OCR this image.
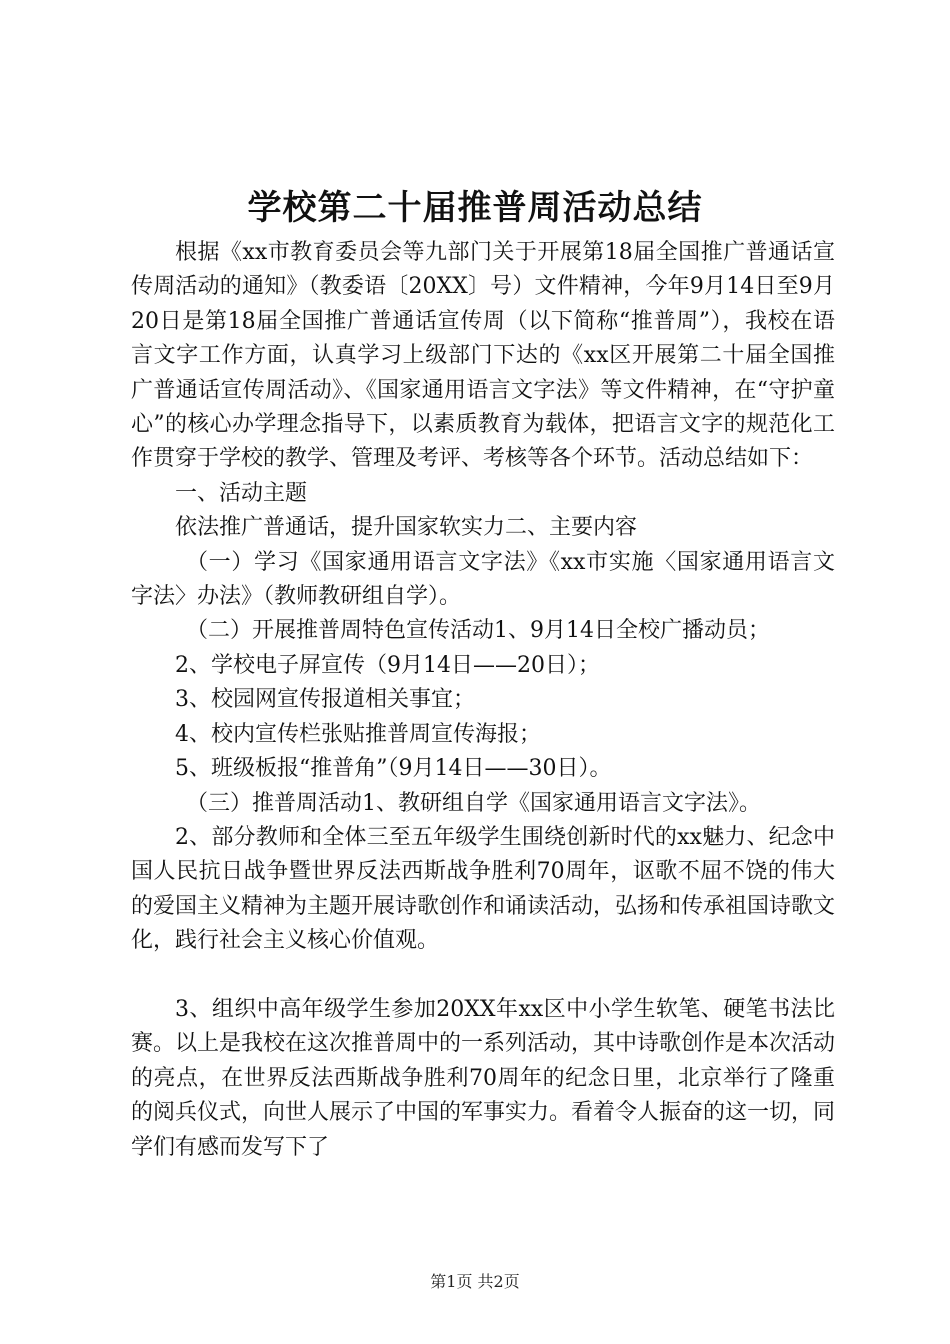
学校第二十届推普周活动总结

根据《xx市教育委员会等九部门关于开展第18届全国推广普通话宣传周活动的通知》（教委语〔20XX〕号）文件精神，今年9月14日至9月20日是第18届全国推广普通话宣传周（以下简称“推普周”），我校在语言文字工作方面，认真学习上级部门下达的《xx区开展第二十届全国推广普通话宣传周活动》、《国家通用语言文字法》等文件精神，在“守护童心”的核心办学理念指导下，以素质教育为载体，把语言文字的规范化工作贯穿于学校的教学、管理及考评、考核等各个环节。活动总结如下：

一、活动主题

依法推广普通话，提升国家软实力二、主要内容

（一）学习《国家通用语言文字法》《xx市实施〈国家通用语言文字法〉办法》（教师教研组自学）。

（二）开展推普周特色宣传活动1、9月14日全校广播动员；

2、学校电子屏宣传（9月14日——20日）；

3、校园网宣传报道相关事宜；

4、校内宣传栏张贴推普周宣传海报；

5、班级板报“推普角”（9月14日——30日）。

（三）推普周活动1、教研组自学《国家通用语言文字法》。

2、部分教师和全体三至五年级学生围绕创新时代的xx魅力、纪念中国人民抗日战争暨世界反法西斯战争胜利70周年，讴歌不屈不饶的伟大的爱国主义精神为主题开展诗歌创作和诵读活动，弘扬和传承祖国诗歌文化，践行社会主义核心价值观。

3、组织中高年级学生参加20XX年xx区中小学生软笔、硬笔书法比赛。以上是我校在这次推普周中的一系列活动，其中诗歌创作是本次活动的亮点，在世界反法西斯战争胜利70周年的纪念日里，北京举行了隆重的阅兵仪式，向世人展示了中国的军事实力。看着令人振奋的这一切，同学们有感而发写下了

第1页 共2页
